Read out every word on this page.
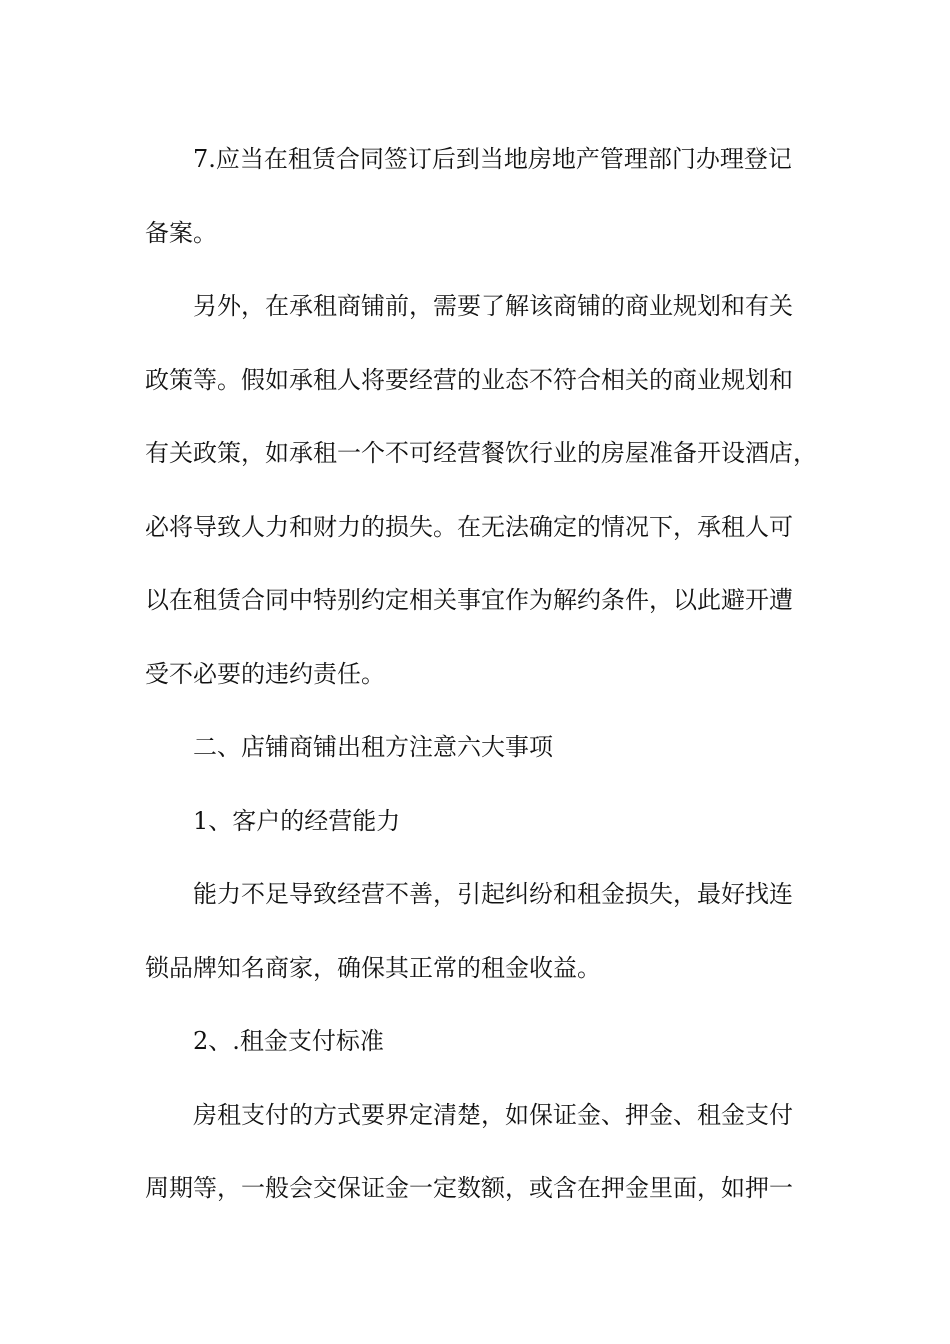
7.应当在租赁合同签订后到当地房地产管理部门办理登记
备案。

另外，在承租商铺前，需要了解该商铺的商业规划和有关
政策等。假如承租人将要经营的业态不符合相关的商业规划和
有关政策，如承租一个不可经营餐饮行业的房屋准备开设酒店，
必将导致人力和财力的损失。在无法确定的情况下，承租人可
以在租赁合同中特别约定相关事宜作为解约条件，以此避开遭
受不必要的违约责任。

二、店铺商铺出租方注意六大事项

1、客户的经营能力

能力不足导致经营不善，引起纠纷和租金损失，最好找连
锁品牌知名商家，确保其正常的租金收益。

2、.租金支付标准

房租支付的方式要界定清楚，如保证金、押金、租金支付
周期等，一般会交保证金一定数额，或含在押金里面，如押一
